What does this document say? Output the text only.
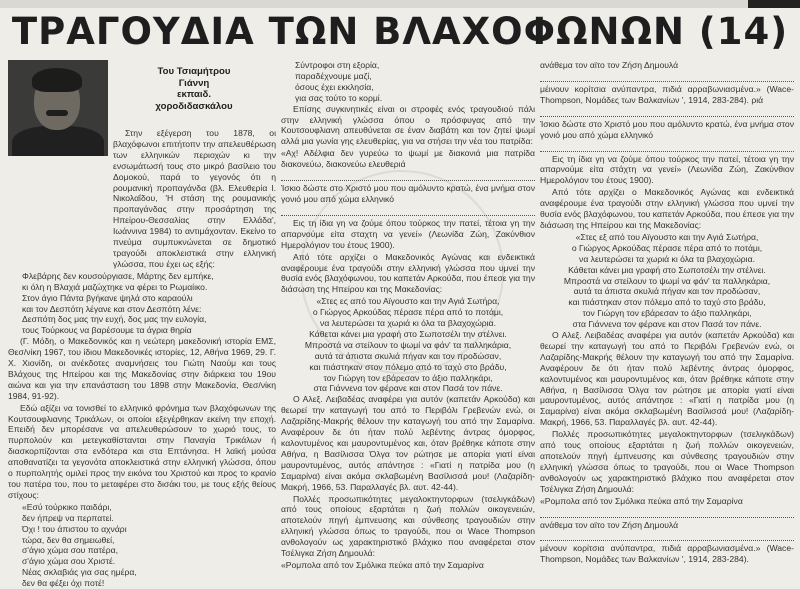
ΤΡΑΓΟΥΔΙΑ ΤΩΝ ΒΛΑΧΟΦΩΝΩΝ (14)
Του Τσιαμήτρου
Γιάννη
εκπαιδ.
χοροδιδασκάλου

Στην εξέγερση του 1878, οι βλαχόφωνοι επιτήτοπν την απελευθέρωση των ελληνικών περιοχών κι την ενσωμάτωσή τους στο μικρό βασίλειο του Δομοκού, παρά το γεγονός ότι η ρουμανική προπαγάνδα (βλ. Ελευθερία Ι. Νικολαΐδου, 'Η στάση της ρουμανικής προπαγάνδας στην προσάρτηση της Ηπείρου-Θεσσαλίας στην Ελλάδα', Ιωάννινα 1984) το αντιμάχονταν. Εκείνο το πνεύμα συμπυκνώνεται σε δημοτικό τραγούδι αποκλειστικά στην ελληνική γλώσσα, που έχει ως εξής:

Φλεβάρης δεν κουσούργιασε, Μάρτης δεν εμπήκε,

κι όλη η Βλαχιά μαζώχτηκε να φέρει το Ρωμαίικο.

Στον άγιο Πάντα βγήκανε ψηλά στο καραούλι

και τον Δεσπότη λέγανε και στον Δεσπότη λένε:

Δεσπότη δος μας την ευχή, δος μας την ευλογία,

τους Τούρκους να βαρέσουμε τα άγρια θηρία

(Γ. Μόδη, ο Μακεδονικός και η νεώτερη μακεδονική ιστορία ΕΜΣ, Θεσ/νίκη 1967, του ίδιου Μακεδονικές ιστορίες, 12, Αθήνα 1969, 29. Γ. Χ. Χιονίδη, οι ανέκδοτες αναμνήσεις του Γιώτη Ναούμ και τους Βλάχους της Ηπείρου και της Μακεδονίας στην διάρκεια του 19ου αιώνα και για την επανάσταση του 1898 στην Μακεδονία, Θεσ/νίκη 1984, 91-92).

Εδώ αξίζει να τονισθεί το ελληνικό φρόνημα των βλαχόφωνων της Κουτσουφλιανης Τρικάλων, οι οποίοι εξεγέρθηκαν εκείνη την εποχή. Επειδή δεν μπορέσανε να απελευθερώσουν το χωριό τους, το πυρπολούν και μετεγκαθίστανται στην Παναγία Τρικάλων ή διασκορπίζονται στα ενδότερα και στα Επτάνησα. Η λαϊκή μούσα αποθανατίζει τα γεγονότα αποκλειστικά στην ελληνική γλώσσα, όπου ο πυρπολητής ομιλεί προς την εικόνα του Χριστού και προς το κρανίο του πατέρα του, που το μεταφέρει στο δισάκι του, με τους εξής θείους στίχους:

«Εσύ τούρκικο παιδάρι,

δεν ήπρεψ να περπατεί.

Όχι ! του άπιστου το αχνάρι

τώρα, δεν θα σημειωθεί,

σ'άγιο χώμα σου πατέρα,

σ'άγιο χώμα σου Χριστέ.

Νέας σκλαβιάς για σας ημέρα,

δεν θα φέξει όχι ποτέ!

Σύντροφοι στη εξορία,

παραδέχνουμε μαζί,

όσους έχει εκκλησία,

για σας τούτο το κορμί.

Επίσης συγκινητικές είναι οι στροφές ενός τραγουδιού πάλι στην ελληνική γλώσσα όπου ο πρόσφυγας από την Κουτσουφλιανη απευθύνεται σε έναν διαβάτη και τον ζητεί ψωμί αλλά μια γωνία γης ελευθερίας, για να στήσει την νέα του πατρίδα:

«Αχ! Αδέλφια δεν γυρεύω το ψωμί με διακονιά μια πατρίδα διακονεύω, διακονεύω ελευθεριά

Ίσκιο δώστε στο Χριστό μου που αμόλυντο κρατώ, ένα μνήμα στον γονιό μου από χώμα ελληνικό

Εις τη ίδια γη να ζούμε όπου τούρκος την πατεί, τέτοια γη την απαρνούμε είτα σταχτη να γενεί» (Λεωνίδα Ζώη, Ζακύνθιον Ημερολόγιον του έτους 1900).

Από τότε αρχίζει ο Μακεδονικός Αγώνας και ενδεικτικά αναφέρουμε ένα τραγούδι στην ελληνική γλώσσα που υμνεί την θυσία ενός βλαχόφωνου, του καπετάν Αρκούδα, που έπεσε για την διάσωση της Ηπείρου και της Μακεδονίας:

«Στες ες από του Αϊγουστο και την Αγιά Σωτήρα,

ο Γιώργος Αρκούδας πέρασε πέρα από το ποτάμι,

να λευτερώσει τα χωριά κι όλα τα βλαχοχώρια.

Κάθεται κάνει μια γραφή στο Σωποτσέλι την στέλνει.

Μπροστά να στείλουν το ψωμί να φάν' τα παλληκάρια,

αυτά τα άπιστα σκυλιά πήγαν και τον προδώσαν,

και πιάστηκαν στον πόλεμο από το ταχύ στο βράδυ,

τον Γιώργη τον εβάρεσαν το άξιο παλληκάρι,

στα Γιάννενα τον φέρανε και στον Πασά τον πάνε.

Ο Αλεξ. Λειβαδέας αναφέρει για αυτόν (καπετάν Αρκούδα) και θεωρεί την καταγωγή του από το Περιβόλι Γρεβενών ενώ, οι Λαζαρίδης-Μακρής θέλουν την καταγωγή του από την Σαμαρίνα. Αναφέρουν δε ότι ήταν πολύ λεβέντης άντρας όμορφος, καλοντυμένος και μαυροντυμένος και, όταν βρέθηκε κάποτε στην Αθήνα, η Βασίλισσα Όλγα τον ρώτησε με απορία γιατί είναι μαυροντυμένος, αυτός απάντησε : «Γιατί η πατρίδα μου (η Σαμαρίνα) είναι ακόμα σκλαβωμένη Βασίλισσά μου! (Λαζαρίδη-Μακρή, 1966, 53. Παραλλαγές βλ. αυτ. 42-44).

Πολλές προσωπικότητες μεγαλοκτηντορφων (τσελιγκάδων) από τους οποίους εξαρτάται η ζωή πολλών οικογενειών, αποτελούν πηγή έμπνευσης και σύνθεσης τραγουδιών στην ελληνική γλώσσα όπως το τραγούδι, που οι Wace Thompson ανθολογούν ως χαρακτηριστικό βλάχικο που αναφέρεται στον Τσέλιγκα Ζήση Δημουλά:

«Ρομπολα από τον Σμόλικα πεύκα από την Σαμαρίνα

ανάθεμα τον αϊτο τον Ζήση Δημουλά

μέινουν κορίτσια ανύπαντρα, πιδιά αρραβωνιασμένα.» (Wace-Thompson, Νομάδες των Βαλκανίων ', 1914, 283-284). ριά

Ίσκιο δώστε στο Χριστό μου που αμόλυντο κρατώ, ένα μνήμα στον γονιό μου από χώμα ελληνικό

Εις τη ίδια γη να ζούμε όπου τούρκος την πατεί, τέτοια γη την απαρνούμε είτα στάχτη να γενεί» (Λεωνίδα Ζώη, Ζακύνθιον Ημερολόγιον του έτους 1900).

Από τότε αρχίζει ο Μακεδονικός Αγώνας και ενδεικτικά αναφέρουμε ένα τραγούδι στην ελληνική γλώσσα που υμνεί την θυσία ενός βλαχόφωνου, του καπετάν Αρκούδα, που έπεσε για την διάσωση της Ηπείρου και της Μακεδονίας:

«Στες εξ από του Αϊγουστο και την Αγιά Σωτήρα,

ο Γιώργος Αρκούδας πέρασε πέρα από το ποτάμι,

να λευτερώσει τα χωριά κι όλα τα βλαχοχώρια.

Κάθεται κάνει μια γραφή στο Σωποτσέλι την στέλνει.

Μπροστά να στείλουν το ψωμί να φάν' τα παλληκάρια,

αυτά τα άπιστα σκυλιά πήγαν και τον προδώσαν,

και πιάστηκαν στον πόλεμο από το ταχύ στο βράδυ,

τον Γιώργη τον εβάρεσαν το άξιο παλληκάρι,

στα Γιάννενα τον φέρανε και στον Πασά τον πάνε.

Ο Αλεξ. Λειβαδέας αναφέρει για αυτόν (καπετάν Αρκούδα) και θεωρεί την καταγωγή του από το Περιβόλι Γρεβενών ενώ, οι Λαζαρίδης-Μακρής θέλουν την καταγωγή του από την Σαμαρίνα. Αναφέρουν δε ότι ήταν πολύ λεβέντης άντρας όμορφος, καλοντυμένος και μαυροντυμένος και, όταν βρέθηκε κάποτε στην Αθήνα, η Βασίλισσα Όλγα τον ρώτησε με απορία γιατί είναι μαυροντυμένος, αυτός απάντησε : «Γιατί η πατρίδα μου (η Σαμαρίνα) είναι ακόμα σκλαβωμένη Βασίλισσά μου! (Λαζαρίδη-Μακρή, 1966, 53. Παραλλαγές βλ. αυτ. 42-44).

Πολλές προσωπικότητες μεγαλοκτηντορφων (τσελιγκάδων) από τους οποίους εξαρτάται η ζωή πολλών οικογενειών, αποτελούν πηγή έμπνευσης και σύνθεσης τραγουδιών στην ελληνική γλώσσα όπως το τραγούδι, που οι Wace Thompson ανθολογούν ως χαρακτηριστικό βλάχικο που αναφέρεται στον Τσέλιγκα Ζήση Δημουλά:

«Ρομπολα από τον Σμόλικα πεύκα από την Σαμαρίνα

ανάθεμα τον αϊτο τον Ζήση Δημουλά

μένουν κορίτσια ανύπαντρα, πιδιά αρραβωνιασμένα.» (Wace-Thompson, Νομάδες των Βαλκανίων ', 1914, 283-284).
